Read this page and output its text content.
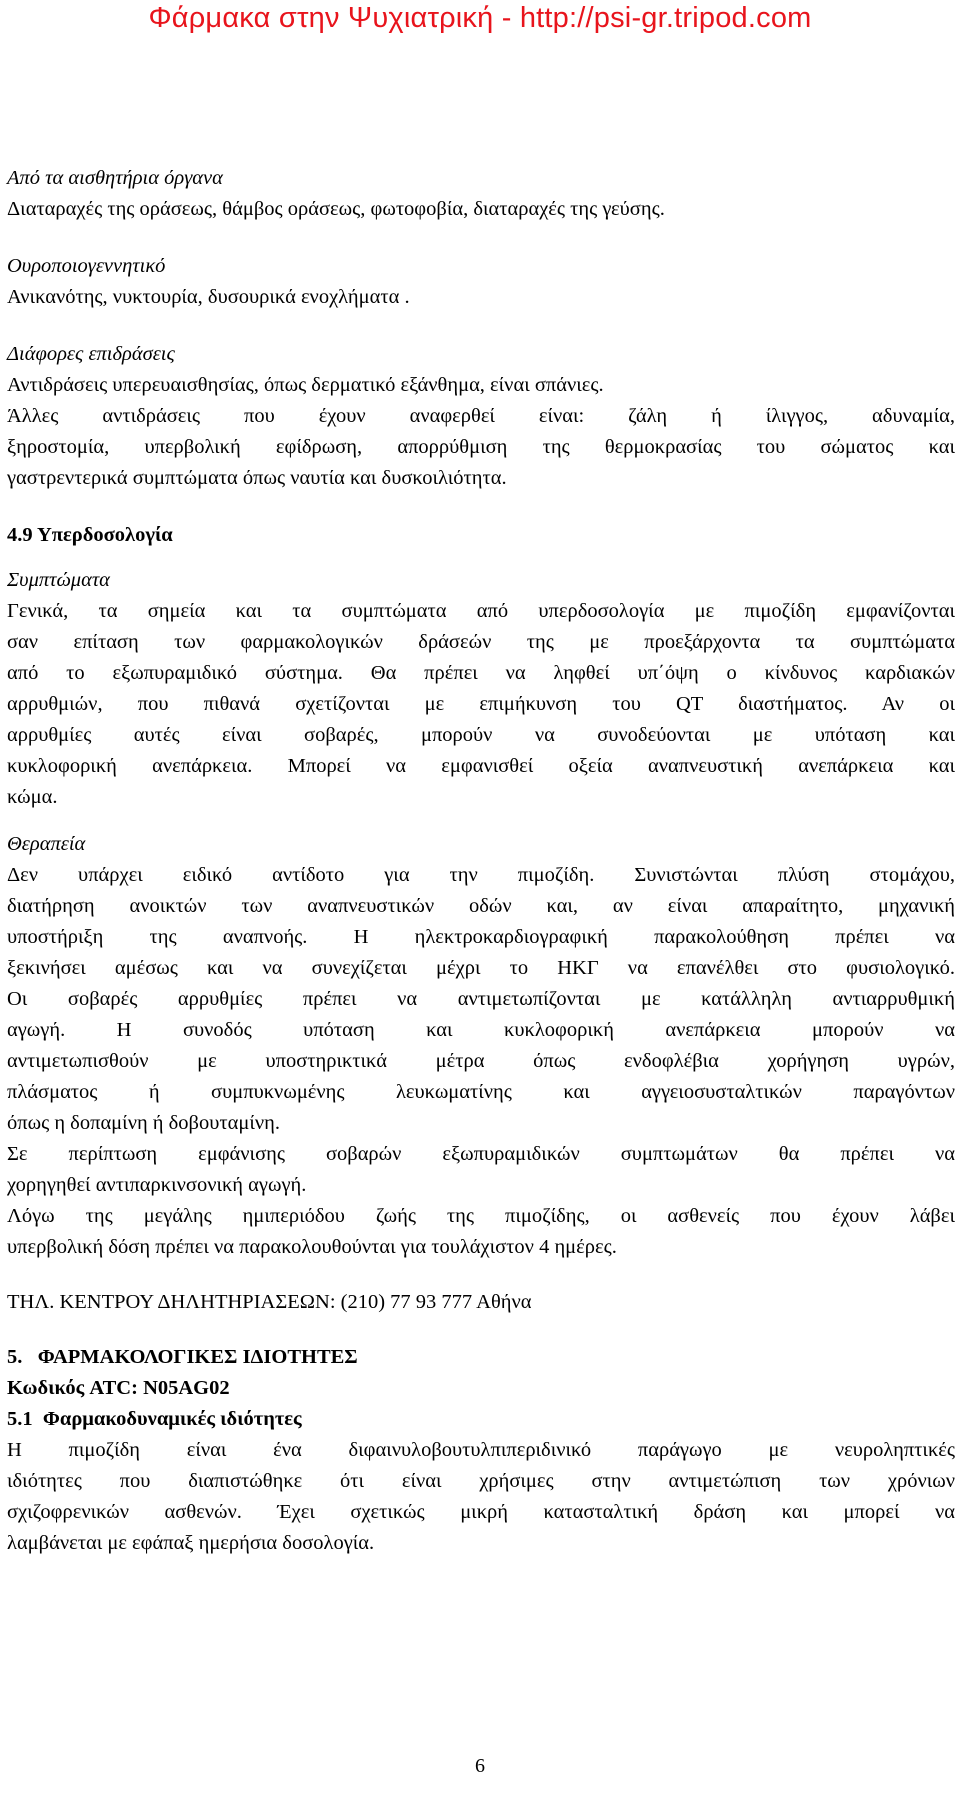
Φάρμακα στην Ψυχιατρική - http://psi-gr.tripod.com
Από τα αισθητήρια όργανα
Διαταραχές της οράσεως, θάμβος οράσεως, φωτοφοβία, διαταραχές της γεύσης.
Ουροποιογεννητικό
Ανικανότης, νυκτουρία, δυσουρικά ενοχλήματα .
Διάφορες επιδράσεις
Αντιδράσεις υπερευαισθησίας, όπως δερματικό εξάνθημα, είναι σπάνιες.
Άλλες αντιδράσεις που έχουν αναφερθεί είναι: ζάλη ή ίλιγγος, αδυναμία,
ξηροστομία, υπερβολική εφίδρωση, απορρύθμιση της θερμοκρασίας του σώματος και
γαστρεντερικά συμπτώματα όπως ναυτία και δυσκοιλιότητα.
4.9 Υπερδοσολογία
Συμπτώματα
Γενικά, τα σημεία και τα συμπτώματα από υπερδοσολογία με πιμοζίδη εμφανίζονται
σαν επίταση των φαρμακολογικών δράσεών της με προεξάρχοντα τα συμπτώματα
από το εξωπυραμιδικό σύστημα. Θα πρέπει να ληφθεί υπ΄όψη ο κίνδυνος καρδιακών
αρρυθμιών, που πιθανά σχετίζονται με επιμήκυνση του QT διαστήματος. Αν οι
αρρυθμίες αυτές είναι σοβαρές, μπορούν να συνοδεύονται με υπόταση και
κυκλοφορική ανεπάρκεια. Μπορεί να εμφανισθεί οξεία αναπνευστική ανεπάρκεια και
κώμα.
Θεραπεία
Δεν υπάρχει ειδικό αντίδοτο για την πιμοζίδη. Συνιστώνται πλύση στομάχου,
διατήρηση ανοικτών των αναπνευστικών οδών και, αν είναι απαραίτητο, μηχανική
υποστήριξη της αναπνοής. Η ηλεκτροκαρδιογραφική παρακολούθηση πρέπει να
ξεκινήσει αμέσως και να συνεχίζεται μέχρι το ΗΚΓ να επανέλθει στο φυσιολογικό.
Οι σοβαρές αρρυθμίες πρέπει να αντιμετωπίζονται με κατάλληλη αντιαρρυθμική
αγωγή. Η συνοδός υπόταση και κυκλοφορική ανεπάρκεια μπορούν να
αντιμετωπισθούν με υποστηρικτικά μέτρα όπως ενδοφλέβια χορήγηση υγρών,
πλάσματος ή συμπυκνωμένης λευκωματίνης και αγγειοσυσταλτικών παραγόντων
όπως η δοπαμίνη ή δοβουταμίνη.
Σε περίπτωση εμφάνισης σοβαρών εξωπυραμιδικών συμπτωμάτων θα πρέπει να
χορηγηθεί αντιπαρκινσονική αγωγή.
Λόγω της μεγάλης ημιπεριόδου ζωής της πιμοζίδης, οι ασθενείς που έχουν λάβει
υπερβολική δόση πρέπει να παρακολουθούνται για τουλάχιστον 4 ημέρες.
ΤΗΛ. ΚΕΝΤΡΟΥ ΔΗΛΗΤΗΡΙΑΣΕΩΝ: (210) 77 93 777 Αθήνα
5.   ΦΑΡΜΑΚΟΛΟΓΙΚΕΣ ΙΔΙΟΤΗΤΕΣ
Κωδικός ATC: N05AG02
5.1  Φαρμακοδυναμικές ιδιότητες
Η πιμοζίδη είναι ένα διφαινυλοβουτυλπιπεριδινικό παράγωγο με νευροληπτικές
ιδιότητες που διαπιστώθηκε ότι είναι χρήσιμες στην αντιμετώπιση των χρόνιων
σχιζοφρενικών ασθενών. Έχει σχετικώς μικρή κατασταλτική δράση και μπορεί να
λαμβάνεται με εφάπαξ ημερήσια δοσολογία.
6
